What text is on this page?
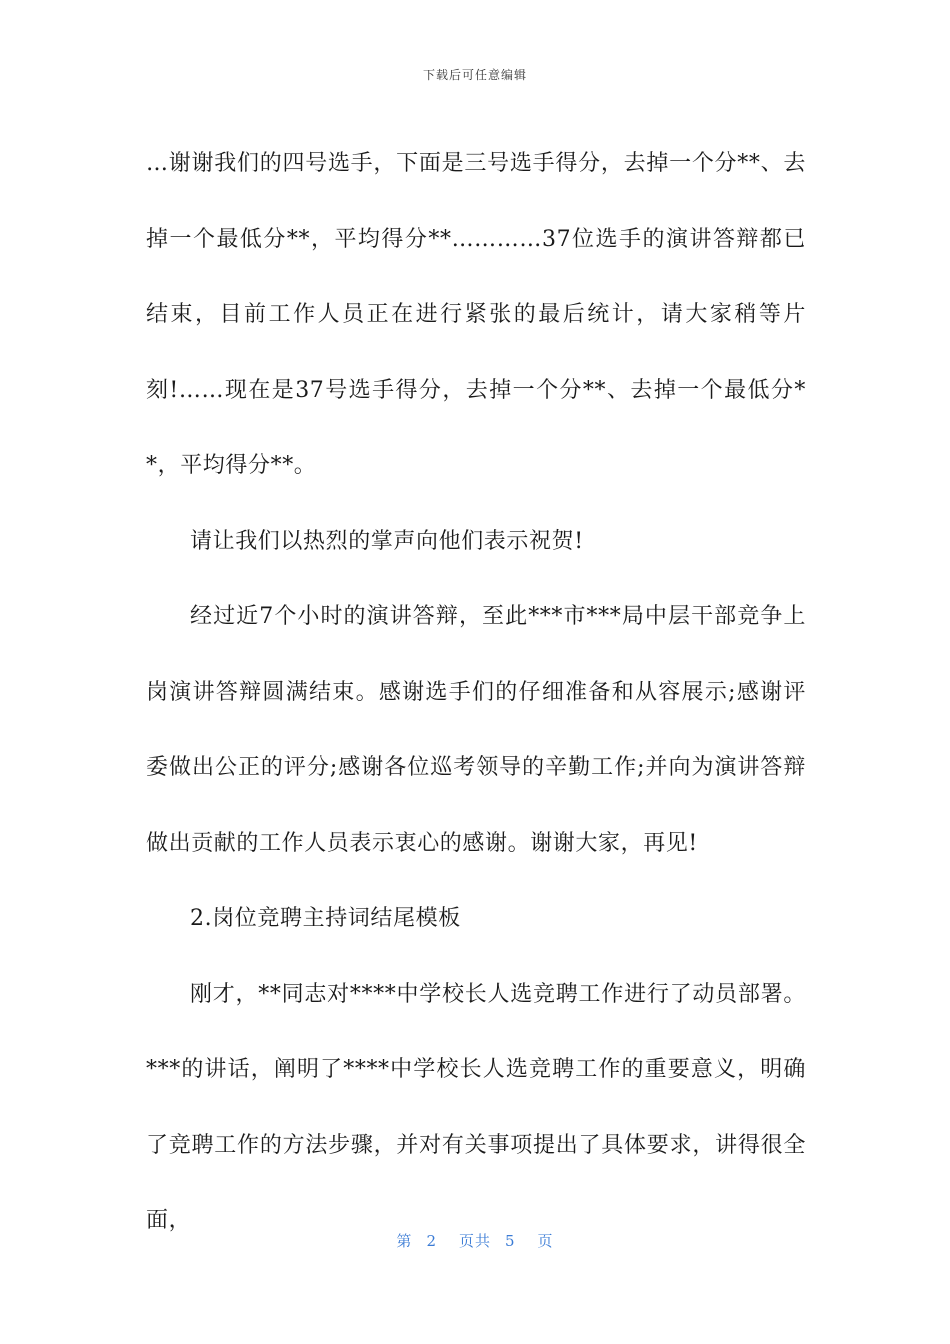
下载后可任意编辑

…谢谢我们的四号选手，下面是三号选手得分，去掉一个分**、去掉一个最低分**，平均得分**…………37位选手的演讲答辩都已结束，目前工作人员正在进行紧张的最后统计，请大家稍等片刻!……现在是37号选手得分，去掉一个分**、去掉一个最低分**，平均得分**。

请让我们以热烈的掌声向他们表示祝贺!

经过近7个小时的演讲答辩，至此***市***局中层干部竞争上岗演讲答辩圆满结束。感谢选手们的仔细准备和从容展示;感谢评委做出公正的评分;感谢各位巡考领导的辛勤工作;并向为演讲答辩做出贡献的工作人员表示衷心的感谢。谢谢大家，再见!

2.岗位竞聘主持词结尾模板

刚才，**同志对****中学校长人选竞聘工作进行了动员部署。***的讲话，阐明了****中学校长人选竞聘工作的重要意义，明确了竞聘工作的方法步骤，并对有关事项提出了具体要求，讲得很全面，

第 2 页共 5 页
